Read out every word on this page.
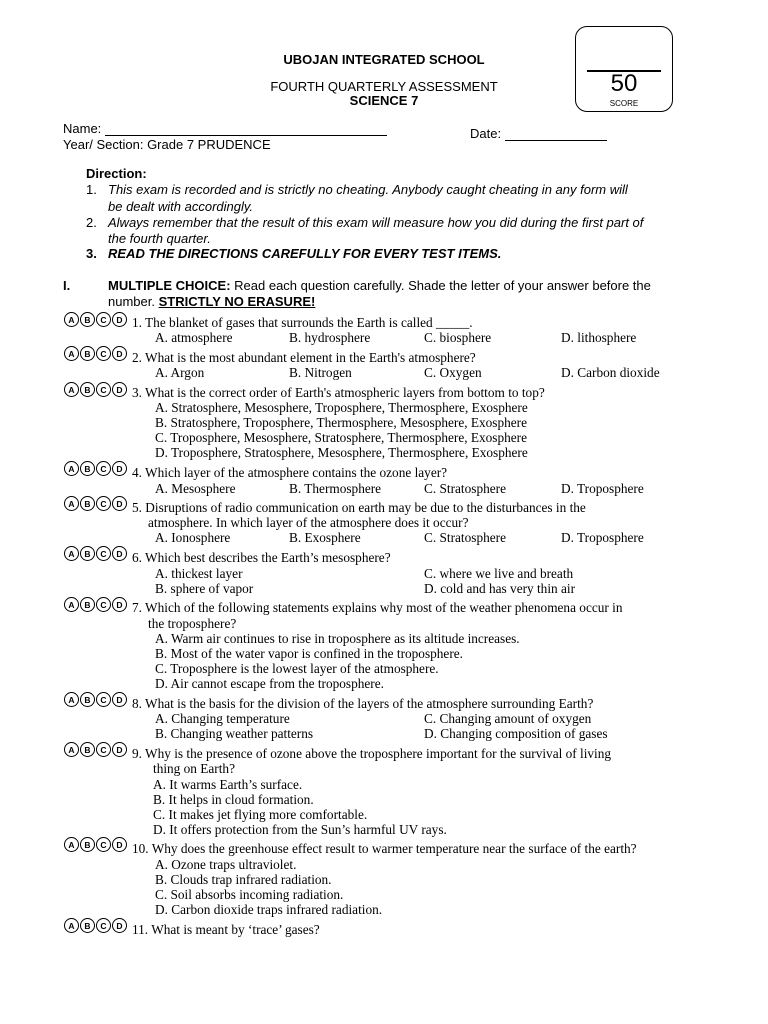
UBOJAN INTEGRATED SCHOOL
FOURTH QUARTERLY ASSESSMENT
SCIENCE 7
50
SCORE
Name:	Date:
Year/ Section: Grade 7 PRUDENCE
Direction:
1. This exam is recorded and is strictly no cheating. Anybody caught cheating in any form will
be dealt with accordingly.
2. Always remember that the result of this exam will measure how you did during the first part of
the fourth quarter.
3. READ THE DIRECTIONS CAREFULLY FOR EVERY TEST ITEMS.
I.	MULTIPLE CHOICE: Read each question carefully. Shade the letter of your answer before the
number. STRICTLY NO ERASURE!
A	B	C	D 1. The blanket of gases that surrounds the Earth is called _____.
A. atmosphere	B. hydrosphere	C. biosphere	D. lithosphere
A	B	C	D 2. What is the most abundant element in the Earth's atmosphere?
A. Argon	B. Nitrogen	C. Oxygen	D. Carbon dioxide
A	B	C	D 3. What is the correct order of Earth's atmospheric layers from bottom to top?
A. Stratosphere, Mesosphere, Troposphere, Thermosphere, Exosphere
B. Stratosphere, Troposphere, Thermosphere, Mesosphere, Exosphere
C. Troposphere, Mesosphere, Stratosphere, Thermosphere, Exosphere
D. Troposphere, Stratosphere, Mesosphere, Thermosphere, Exosphere
A	B	C	D 4. Which layer of the atmosphere contains the ozone layer?
A. Mesosphere	B. Thermosphere	C. Stratosphere	D. Troposphere
A	B	C	D 5. Disruptions of radio communication on earth may be due to the disturbances in the
atmosphere. In which layer of the atmosphere does it occur?
A. Ionosphere	B. Exosphere	C. Stratosphere	D. Troposphere
A	B	C	D 6. Which best describes the Earth’s mesosphere?
A. thickest layer	C. where we live and breath
B. sphere of vapor	D. cold and has very thin air
A	B	C	D 7. Which of the following statements explains why most of the weather phenomena occur in
the troposphere?
A. Warm air continues to rise in troposphere as its altitude increases.
B. Most of the water vapor is confined in the troposphere.
C. Troposphere is the lowest layer of the atmosphere.
D. Air cannot escape from the troposphere.
A	B	C	D 8. What is the basis for the division of the layers of the atmosphere surrounding Earth?
A. Changing temperature	C. Changing amount of oxygen
B. Changing weather patterns	D. Changing composition of gases
A	B	C	D 9. Why is the presence of ozone above the troposphere important for the survival of living
thing on Earth?
A. It warms Earth’s surface.
B. It helps in cloud formation.
C. It makes jet flying more comfortable.
D. It offers protection from the Sun’s harmful UV rays.
A	B	C	D 10. Why does the greenhouse effect result to warmer temperature near the surface of the earth?
A. Ozone traps ultraviolet.
B. Clouds trap infrared radiation.
C. Soil absorbs incoming radiation.
D. Carbon dioxide traps infrared radiation.
A	B	C	D 11. What is meant by ‘trace’ gases?
